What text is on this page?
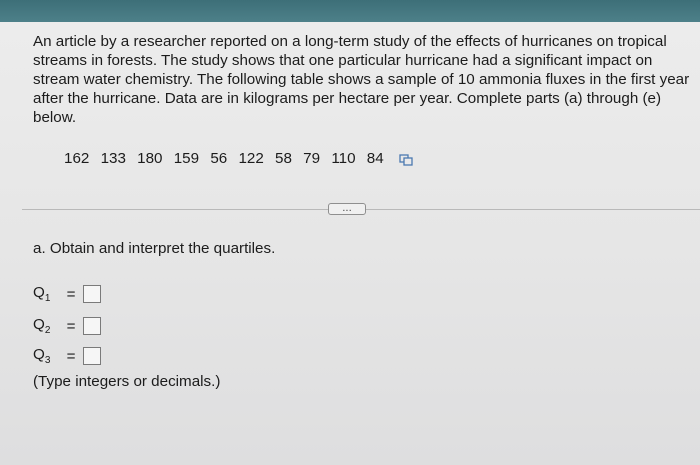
An article by a researcher reported on a long-term study of the effects of hurricanes on tropical streams in forests. The study shows that one particular hurricane had a significant impact on stream water chemistry. The following table shows a sample of 10 ammonia fluxes in the first year after the hurricane. Data are in kilograms per hectare per year. Complete parts (a) through (e) below.

162 133 180 159 56 122 58 79 110 84
...
a. Obtain and interpret the quartiles.
$Q_1$	=
$Q_2$	=
$Q_3$	=
(Type integers or decimals.)
